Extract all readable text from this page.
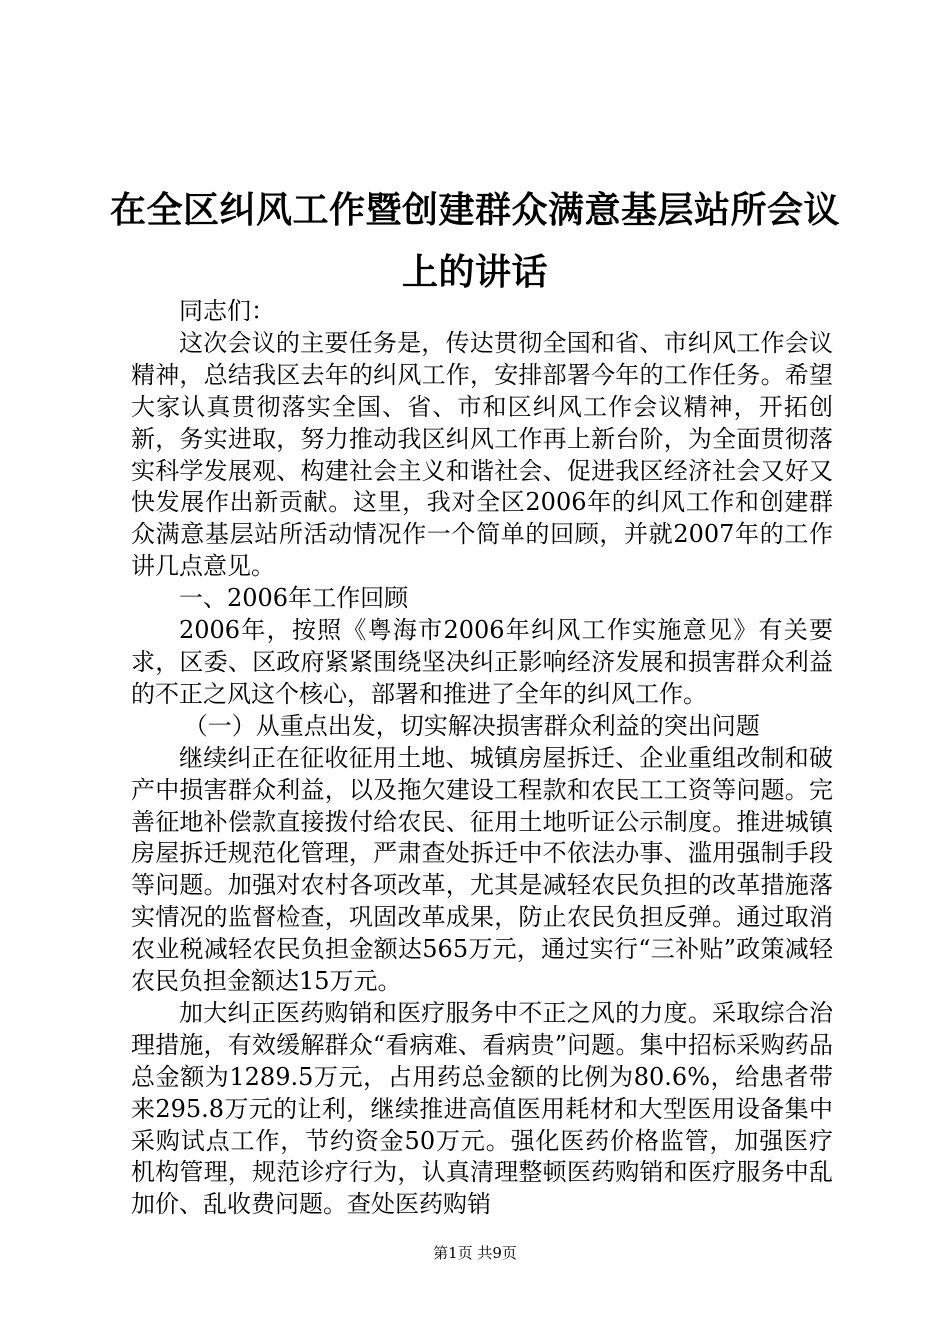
在全区纠风工作暨创建群众满意基层站所会议
上的讲话

同志们：

这次会议的主要任务是，传达贯彻全国和省、市纠风工作会议精神，总结我区去年的纠风工作，安排部署今年的工作任务。希望大家认真贯彻落实全国、省、市和区纠风工作会议精神，开拓创新，务实进取，努力推动我区纠风工作再上新台阶，为全面贯彻落实科学发展观、构建社会主义和谐社会、促进我区经济社会又好又快发展作出新贡献。这里，我对全区2006年的纠风工作和创建群众满意基层站所活动情况作一个简单的回顾，并就2007年的工作讲几点意见。

一、2006年工作回顾

2006年，按照《粤海市2006年纠风工作实施意见》有关要求，区委、区政府紧紧围绕坚决纠正影响经济发展和损害群众利益的不正之风这个核心，部署和推进了全年的纠风工作。

（一）从重点出发，切实解决损害群众利益的突出问题

继续纠正在征收征用土地、城镇房屋拆迁、企业重组改制和破产中损害群众利益，以及拖欠建设工程款和农民工工资等问题。完善征地补偿款直接拨付给农民、征用土地听证公示制度。推进城镇房屋拆迁规范化管理，严肃查处拆迁中不依法办事、滥用强制手段等问题。加强对农村各项改革，尤其是减轻农民负担的改革措施落实情况的监督检查，巩固改革成果，防止农民负担反弹。通过取消农业税减轻农民负担金额达565万元，通过实行“三补贴”政策减轻农民负担金额达15万元。

加大纠正医药购销和医疗服务中不正之风的力度。采取综合治理措施，有效缓解群众“看病难、看病贵”问题。集中招标采购药品总金额为1289.5万元，占用药总金额的比例为80.6%，给患者带来295.8万元的让利，继续推进高值医用耗材和大型医用设备集中采购试点工作，节约资金50万元。强化医药价格监管，加强医疗机构管理，规范诊疗行为，认真清理整顿医药购销和医疗服务中乱加价、乱收费问题。查处医药购销

第1页 共9页
